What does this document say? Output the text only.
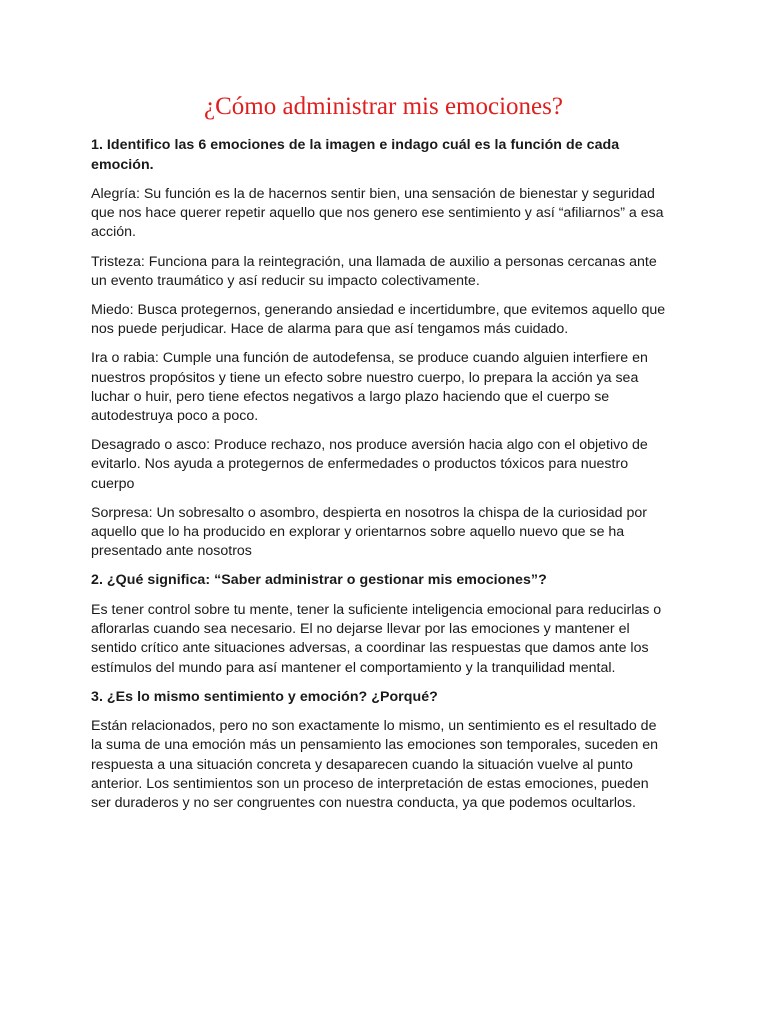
¿Cómo administrar mis emociones?
1. Identifico las 6 emociones de la imagen e indago cuál es la función de cada emoción.
Alegría: Su función es la de hacernos sentir bien, una sensación de bienestar y seguridad que nos hace querer repetir aquello que nos genero ese sentimiento y así “afiliarnos” a esa acción.
Tristeza: Funciona para la reintegración, una llamada de auxilio a personas cercanas ante un evento traumático y así reducir su impacto colectivamente.
Miedo: Busca protegernos, generando ansiedad e incertidumbre, que evitemos aquello que nos puede perjudicar. Hace de alarma para que así tengamos más cuidado.
Ira o rabia: Cumple una función de autodefensa, se produce cuando alguien interfiere en nuestros propósitos y tiene un efecto sobre nuestro cuerpo, lo prepara la acción ya sea luchar o huir, pero tiene efectos negativos a largo plazo haciendo que el cuerpo se autodestruya poco a poco.
Desagrado o asco: Produce rechazo, nos produce aversión hacia algo con el objetivo de evitarlo. Nos ayuda a protegernos de enfermedades o productos tóxicos para nuestro cuerpo
Sorpresa: Un sobresalto o asombro, despierta en nosotros la chispa de la curiosidad por aquello que lo ha producido en explorar y orientarnos sobre aquello nuevo que se ha presentado ante nosotros
2. ¿Qué significa: “Saber administrar o gestionar mis emociones”?
Es tener control sobre tu mente, tener la suficiente inteligencia emocional para reducirlas o aflorarlas cuando sea necesario. El no dejarse llevar por las emociones y mantener el sentido crítico ante situaciones adversas, a coordinar las respuestas que damos ante los estímulos del mundo para así mantener el comportamiento y la tranquilidad mental.
3. ¿Es lo mismo sentimiento y emoción? ¿Porqué?
Están relacionados, pero no son exactamente lo mismo, un sentimiento es el resultado de la suma de una emoción más un pensamiento las emociones son temporales, suceden en respuesta a una situación concreta y desaparecen cuando la situación vuelve al punto anterior. Los sentimientos son un proceso de interpretación de estas emociones, pueden ser duraderos y no ser congruentes con nuestra conducta, ya que podemos ocultarlos.
